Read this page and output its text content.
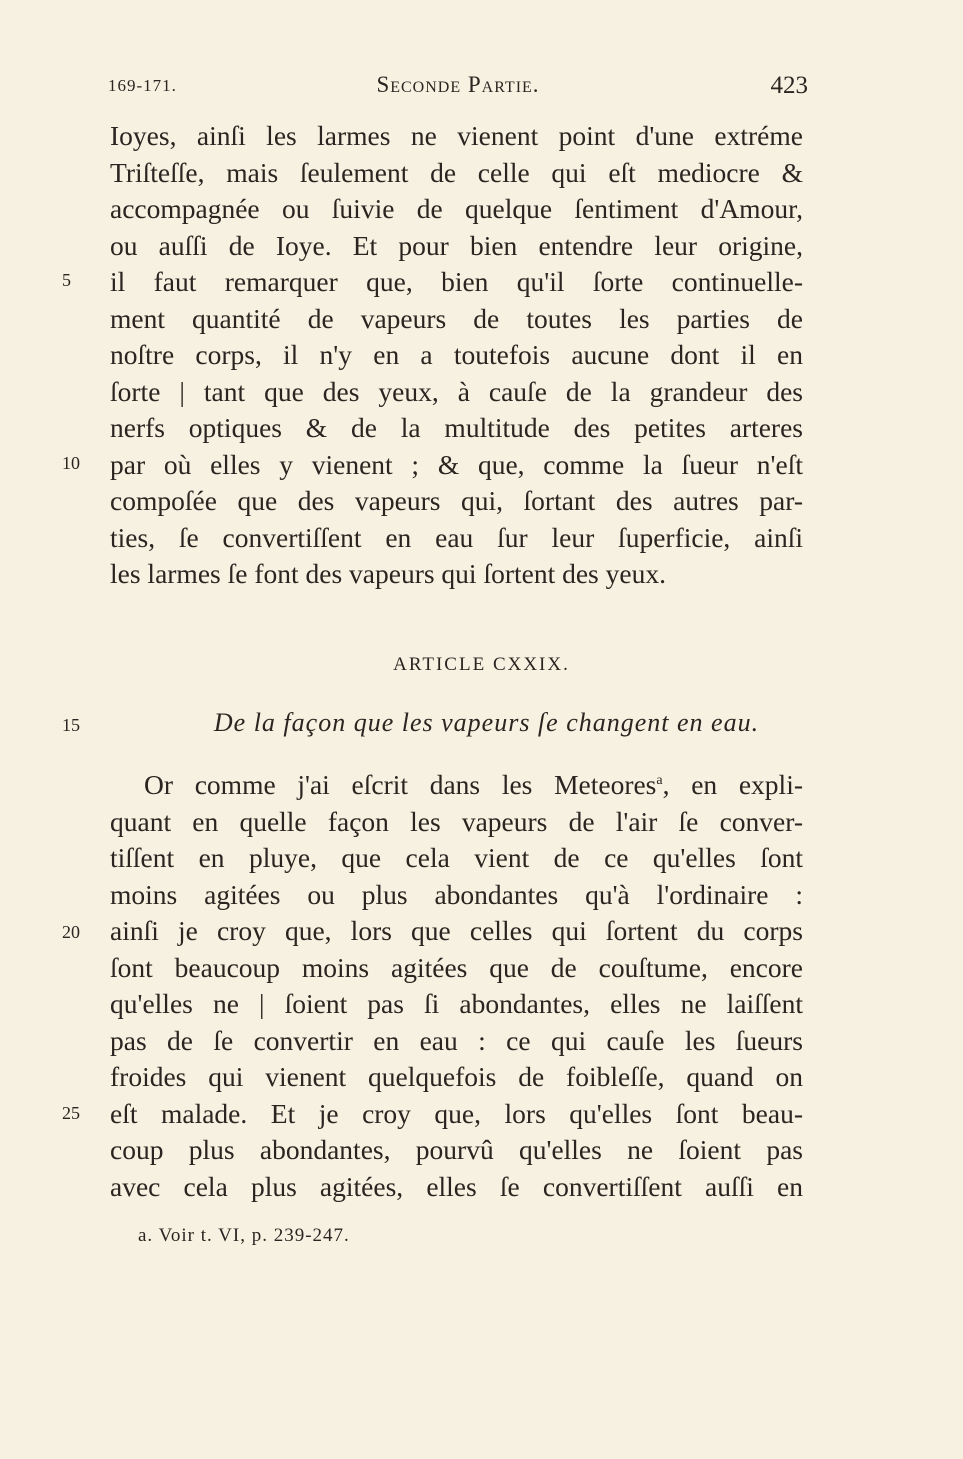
169-171.	Seconde Partie.	423
Ioyes, ainſi les larmes ne vienent point d'une extréme
Triſteſſe, mais ſeulement de celle qui eſt mediocre &
accompagnée ou ſuivie de quelque ſentiment d'Amour,
ou auſſi de Ioye. Et pour bien entendre leur origine,
il faut remarquer que, bien qu'il ſorte continuelle-
ment quantité de vapeurs de toutes les parties de
noſtre corps, il n'y en a toutefois aucune dont il en
ſorte | tant que des yeux, à cauſe de la grandeur des
nerfs optiques & de la multitude des petites arteres
par où elles y vienent ; & que, comme la ſueur n'eſt
compoſée que des vapeurs qui, ſortant des autres par-
ties, ſe convertiſſent en eau ſur leur ſuperficie, ainſi
les larmes ſe font des vapeurs qui ſortent des yeux.
ARTICLE CXXIX.
De la façon que les vapeurs ſe changent en eau.
Or comme j'ai eſcrit dans les Meteores$^a$, en expli-
quant en quelle façon les vapeurs de l'air ſe conver-
tiſſent en pluye, que cela vient de ce qu'elles ſont
moins agitées ou plus abondantes qu'à l'ordinaire :
ainſi je croy que, lors que celles qui ſortent du corps
ſont beaucoup moins agitées que de couſtume, encore
qu'elles ne | ſoient pas ſi abondantes, elles ne laiſſent
pas de ſe convertir en eau : ce qui cauſe les ſueurs
froides qui vienent quelquefois de foibleſſe, quand on
eſt malade. Et je croy que, lors qu'elles ſont beau-
coup plus abondantes, pourvû qu'elles ne ſoient pas
avec cela plus agitées, elles ſe convertiſſent auſſi en
5
10
15
20
25
a. Voir t. VI, p. 239-247.
